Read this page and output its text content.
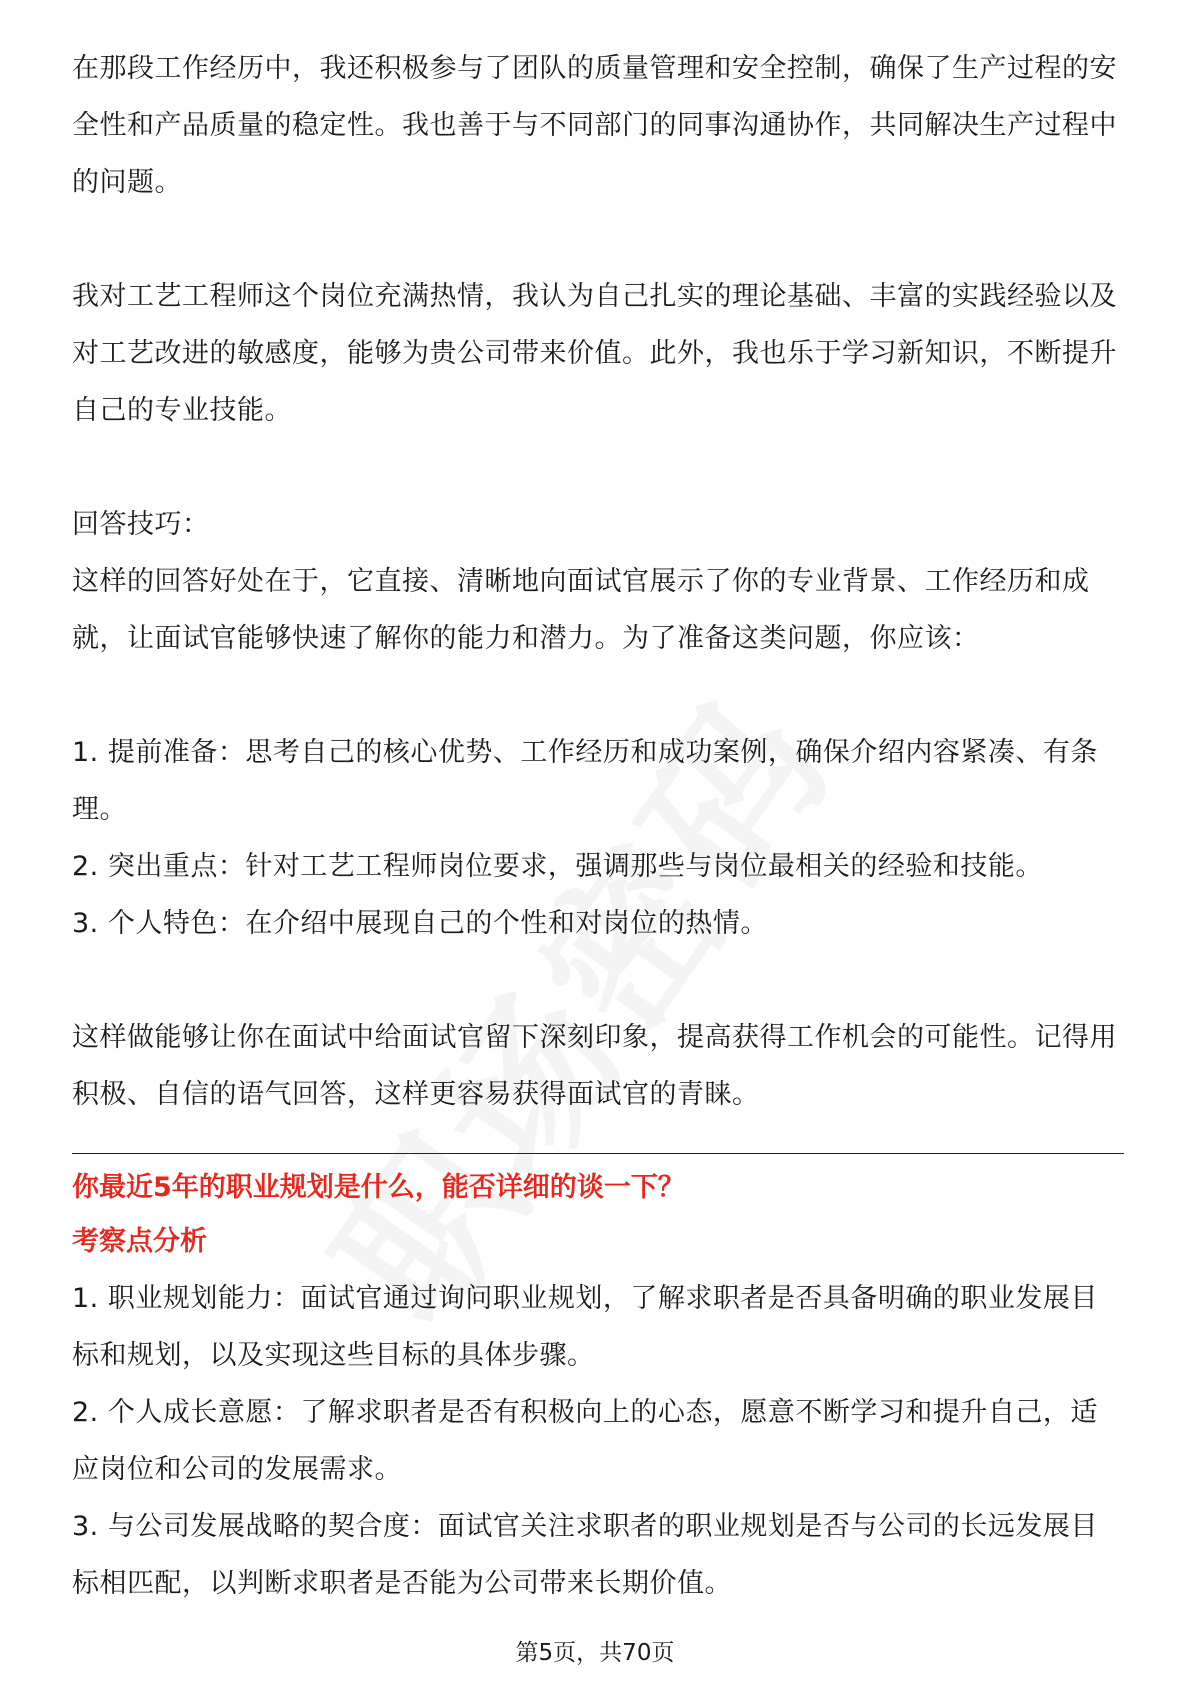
在那段工作经历中，我还积极参与了团队的质量管理和安全控制，确保了生产过程的安全性和产品质量的稳定性。我也善于与不同部门的同事沟通协作，共同解决生产过程中的问题。

我对工艺工程师这个岗位充满热情，我认为自己扎实的理论基础、丰富的实践经验以及对工艺改进的敏感度，能够为贵公司带来价值。此外，我也乐于学习新知识，不断提升自己的专业技能。

回答技巧：

这样的回答好处在于，它直接、清晰地向面试官展示了你的专业背景、工作经历和成就，让面试官能够快速了解你的能力和潜力。为了准备这类问题，你应该：

1. 提前准备：思考自己的核心优势、工作经历和成功案例，确保介绍内容紧凑、有条理。

2. 突出重点：针对工艺工程师岗位要求，强调那些与岗位最相关的经验和技能。

3. 个人特色：在介绍中展现自己的个性和对岗位的热情。

这样做能够让你在面试中给面试官留下深刻印象，提高获得工作机会的可能性。记得用积极、自信的语气回答，这样更容易获得面试官的青睐。

你最近5年的职业规划是什么，能否详细的谈一下？

考察点分析

1. 职业规划能力：面试官通过询问职业规划，了解求职者是否具备明确的职业发展目标和规划，以及实现这些目标的具体步骤。

2. 个人成长意愿：了解求职者是否有积极向上的心态，愿意不断学习和提升自己，适应岗位和公司的发展需求。

3. 与公司发展战略的契合度：面试官关注求职者的职业规划是否与公司的长远发展目标相匹配，以判断求职者是否能为公司带来长期价值。

第5页，共70页
